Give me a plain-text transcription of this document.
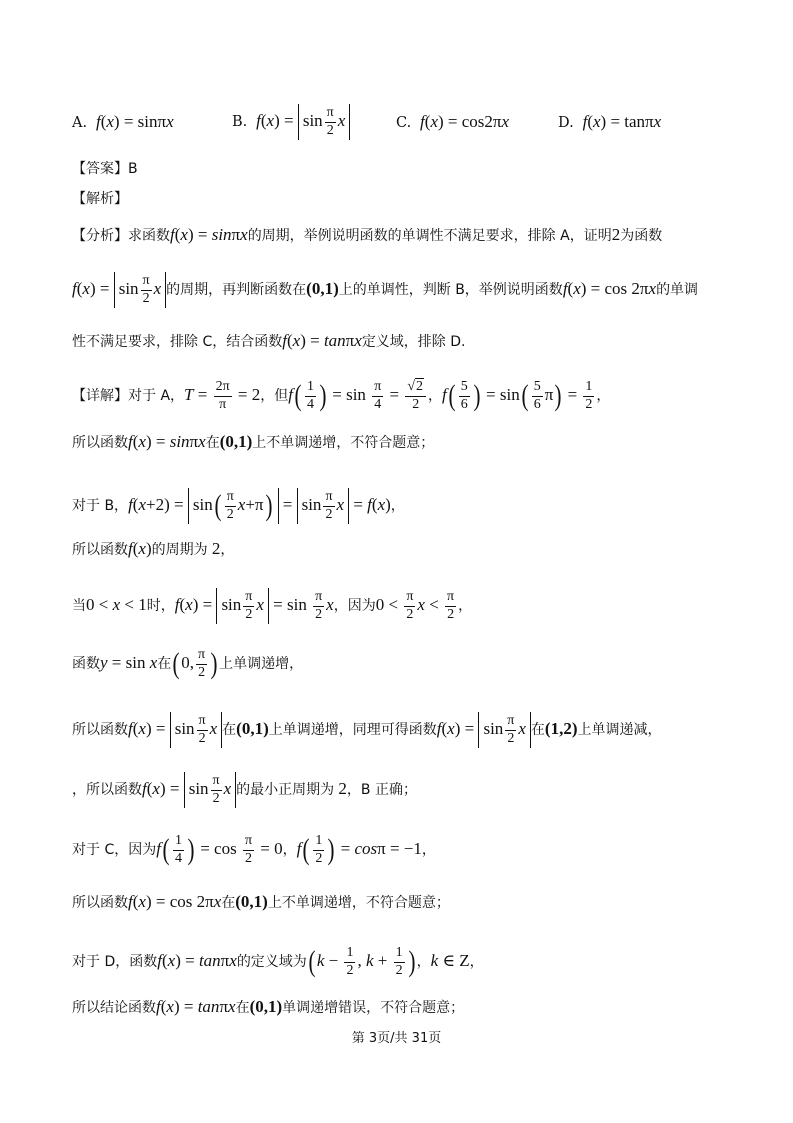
A. f(x) = sinπx	B. $f(x) = \sin \frac{\pi}{2}$ x	C. f(x) = cos2πx	D. f(x) = tanπx
【答案】B
【解析】
【分析】求函数f(x) = sinπx的周期，举例说明函数的单调性不满足要求，排除 A，证明2为函数
$f(x) = \sin \frac{\pi}{2}$ x 的周期，再判断函数在(0,1)上的单调性，判断 B，举例说明函数f(x) = cos 2πx的单调
性不满足要求，排除 C，结合函数f(x) = tanπx定义域，排除 D.
【详解】对于 A，$T = \frac{2\pi}{\pi} = 2$，但$f( \frac{1}{4}$ ) = $\sin \frac{\pi}{4} = \frac{√2}{2}$ ，$f( \frac{5}{6}$ ) = $\sin( \frac{5}{6} \pi) = \frac{1}{2}$ ，
所以函数f(x) = sinπx在(0,1)上不单调递增，不符合题意；
对于 B，$f(x+2) = \sin( \frac{\pi}{2} x+\pi) = \sin \frac{\pi}{2}$ x = f(x)，
所以函数f(x)的周期为 2，
当0 < x < 1时，$f(x) = \sin \frac{\pi}{2}$ $x = \sin \frac{\pi}{2}$ x，因为$0 < \frac{\pi}{2}$ $x < \frac{\pi}{2}$ ，
函数y = sin x在(0, $\frac{\pi}{2}$ ) 上单调递增，
所以函数$f(x) = \sin \frac{\pi}{2}$ x 在(0,1)上单调递增，同理可得函数$f(x) = \sin \frac{\pi}{2}$ x 在(1,2)上单调递减，
，所以函数$f(x) = \sin \frac{\pi}{2}$ x 的最小正周期为 2，B 正确；
对于 C，因为$f( \frac{1}{4}$ ) = $\cos \frac{\pi}{2} = 0$，$f( \frac{1}{2}$ ) = cosπ = −1，
所以函数f(x) = cos 2πx在(0,1)上不单调递增，不符合题意；
对于 D，函数f(x) = tanπx的定义域为($k - \frac{1}{2}$ , $k + \frac{1}{2}$ ) ，k ∈ Z，
所以结论函数f(x) = tanπx在(0,1)单调递增错误，不符合题意；
第 3页/共 31页
